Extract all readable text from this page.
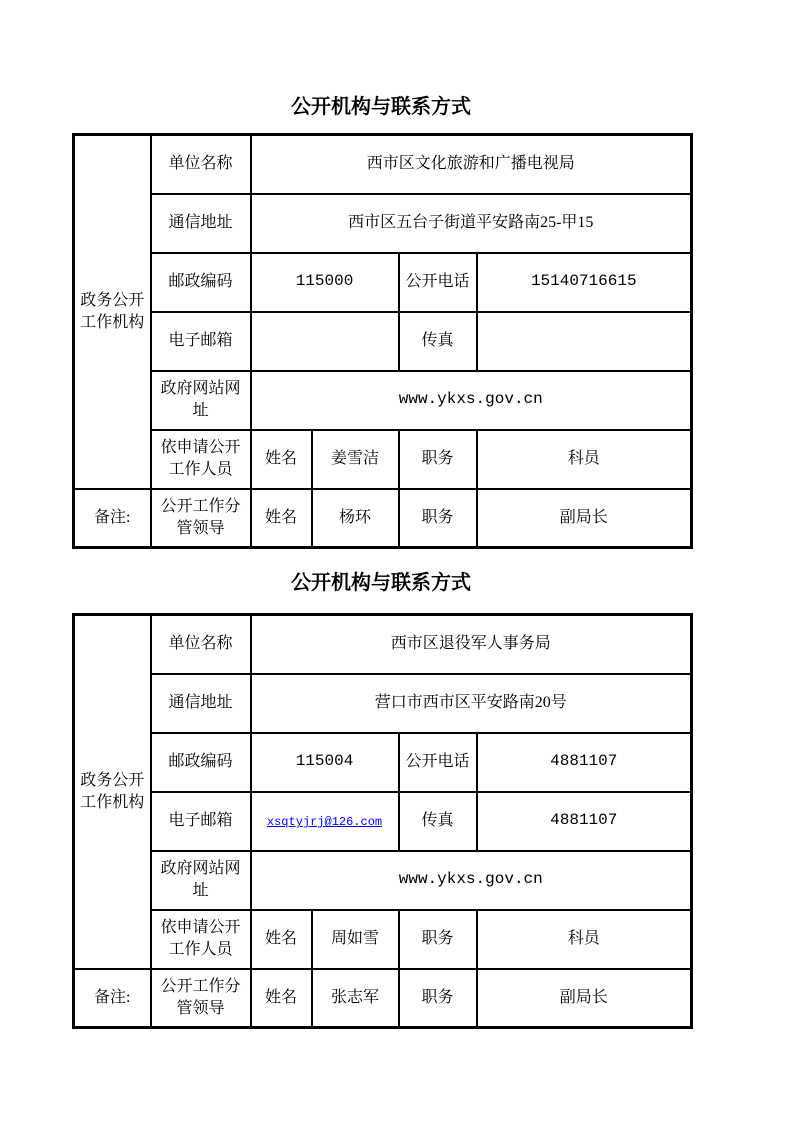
公开机构与联系方式
政务公开工作机构	单位名称	西市区文化旅游和广播电视局			
	通信地址	西市区五台子街道平安路南25-甲15			
	邮政编码	115000		公开电话	15140716615
	电子邮箱			传真	
	政府网站网址	www.ykxs.gov.cn			
	依申请公开工作人员	姓名	姜雪洁	职务	科员
备注:	公开工作分管领导	姓名	杨环	职务	副局长
公开机构与联系方式
政务公开工作机构	单位名称	西市区退役军人事务局			
	通信地址	营口市西市区平安路南20号			
	邮政编码	115004		公开电话	4881107
	电子邮箱	xsqtyjrj@126.com		传真	4881107
	政府网站网址	www.ykxs.gov.cn			
	依申请公开工作人员	姓名	周如雪	职务	科员
备注:	公开工作分管领导	姓名	张志军	职务	副局长
